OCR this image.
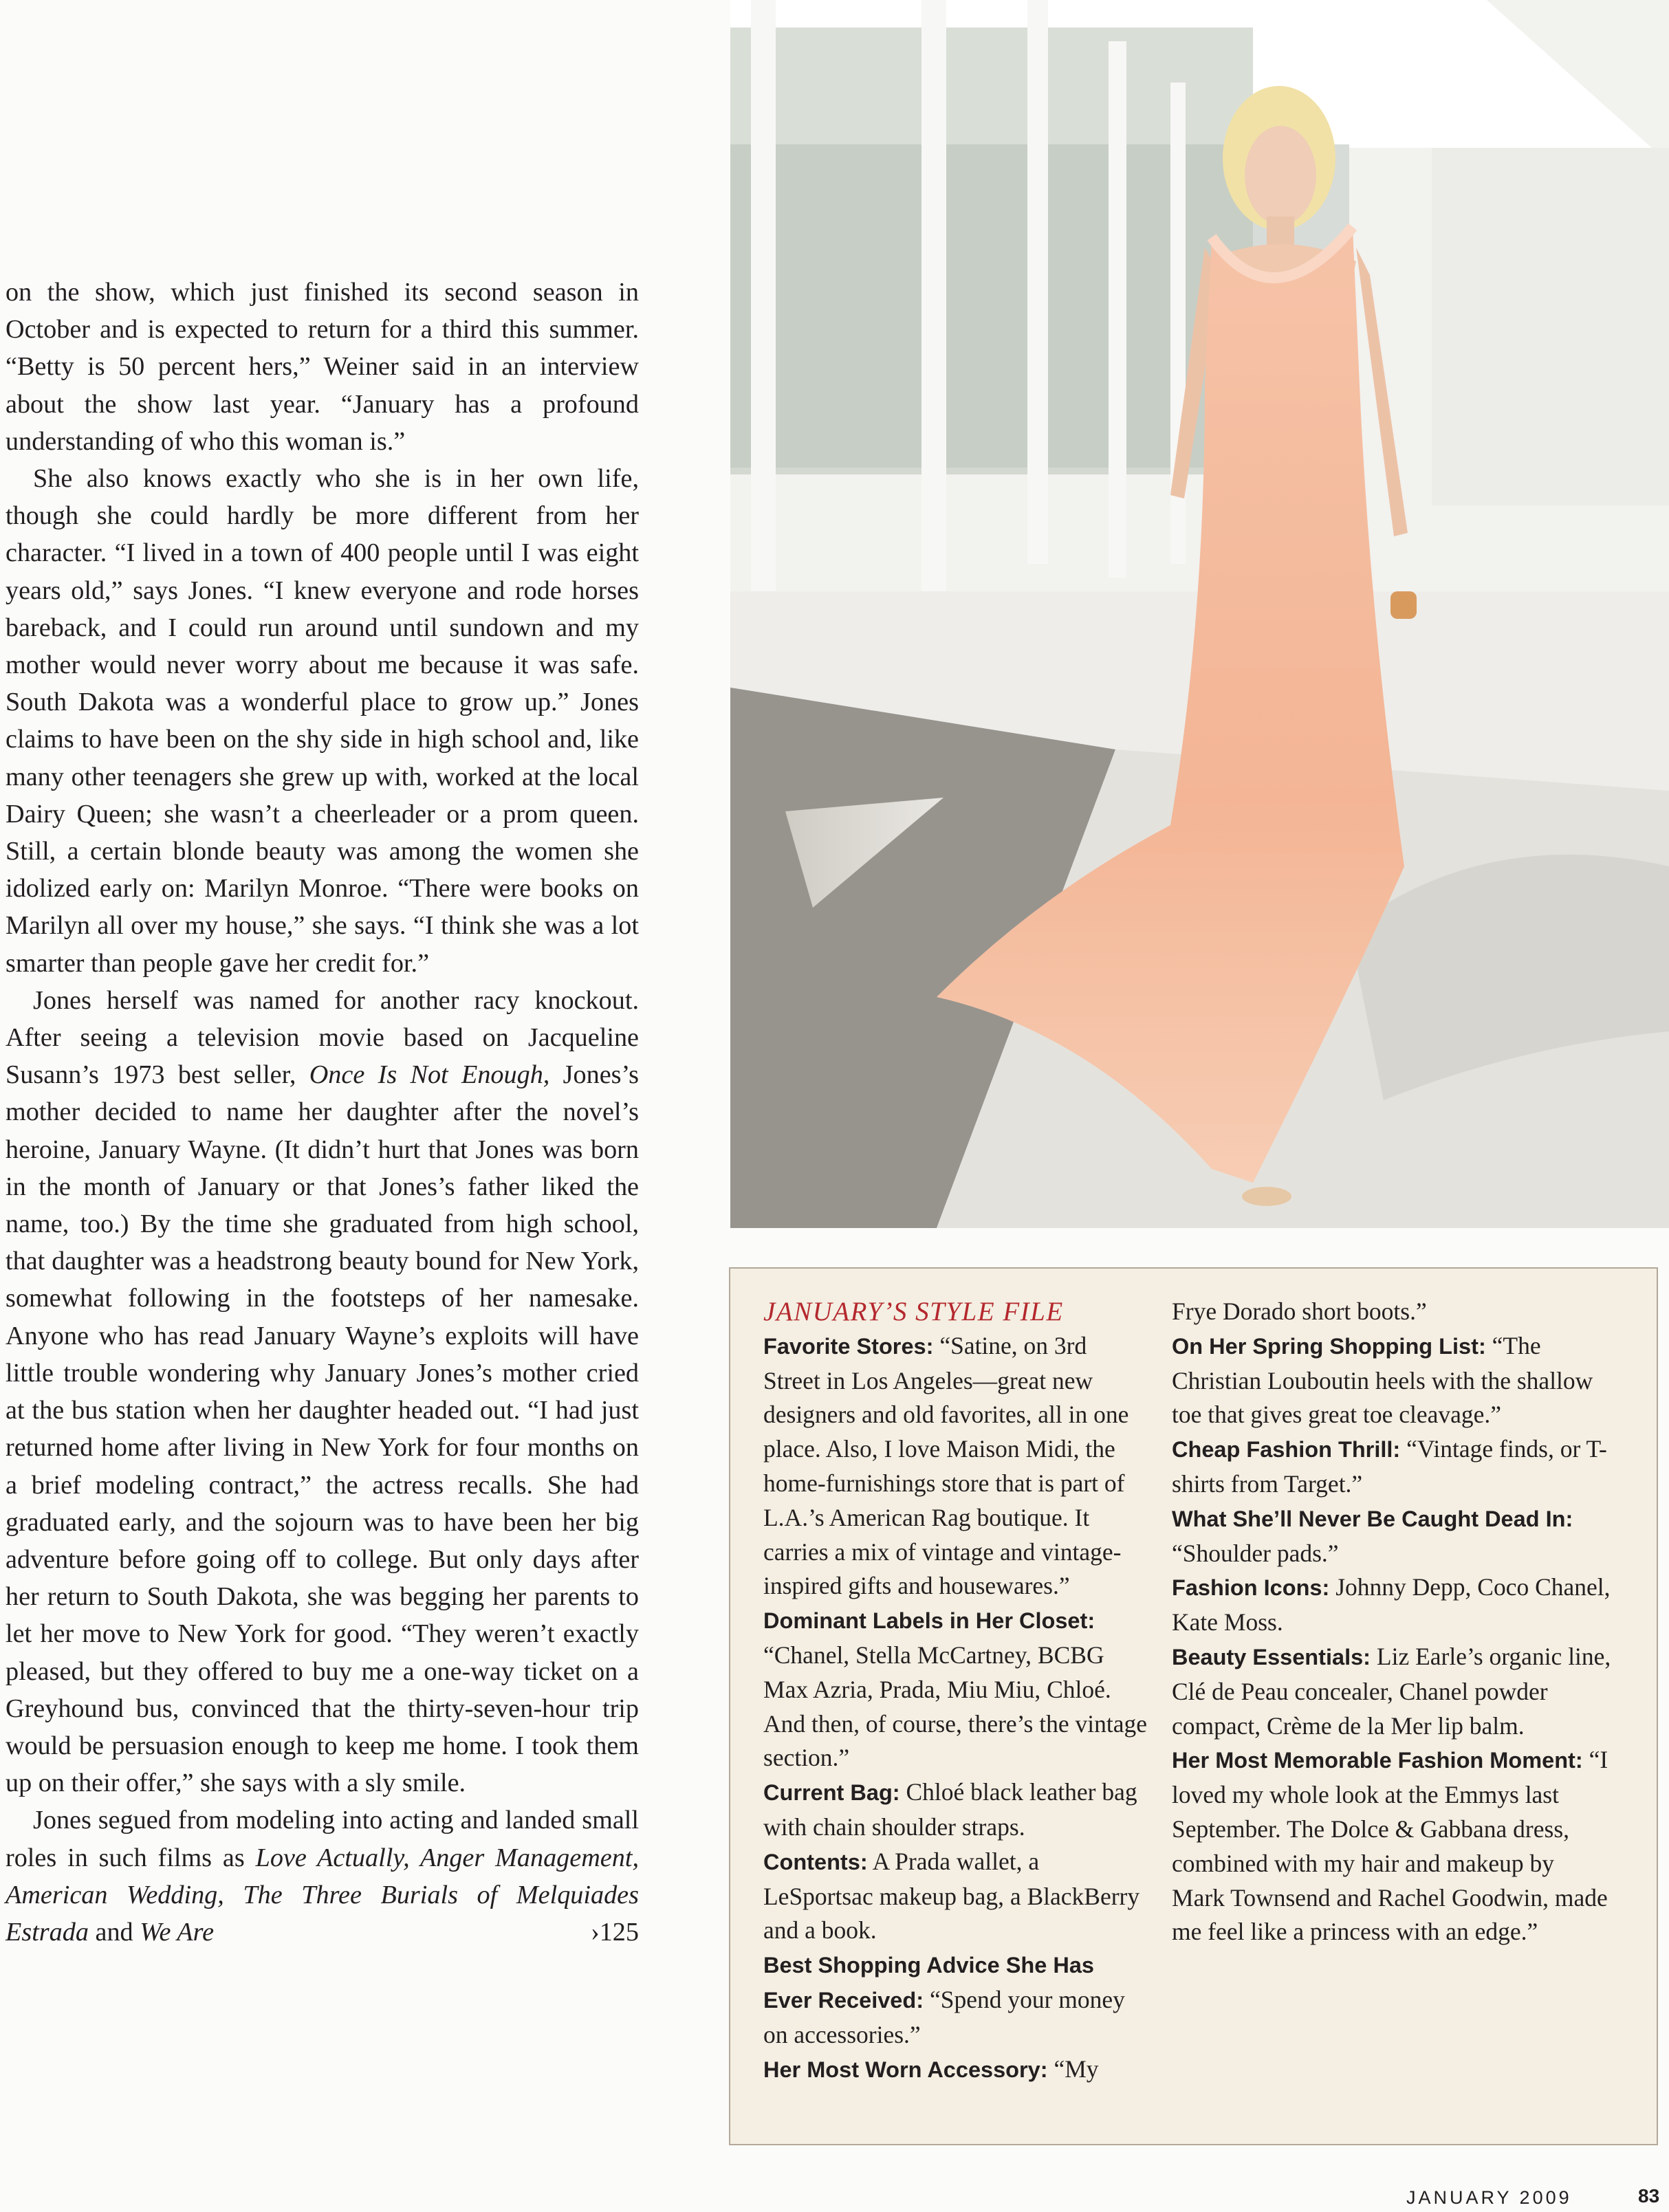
on the show, which just finished its second season in October and is expected to return for a third this summer. “Betty is 50 percent hers,” Weiner said in an interview about the show last year. “January has a profound understanding of who this woman is.”

She also knows exactly who she is in her own life, though she could hardly be more different from her character. “I lived in a town of 400 people until I was eight years old,” says Jones. “I knew everyone and rode horses bareback, and I could run around until sundown and my mother would never worry about me because it was safe. South Dakota was a wonderful place to grow up.” Jones claims to have been on the shy side in high school and, like many other teenagers she grew up with, worked at the local Dairy Queen; she wasn’t a cheerleader or a prom queen. Still, a certain blonde beauty was among the women she idolized early on: Marilyn Monroe. “There were books on Marilyn all over my house,” she says. “I think she was a lot smarter than people gave her credit for.”

Jones herself was named for another racy knockout. After seeing a television movie based on Jacqueline Susann’s 1973 best seller, Once Is Not Enough, Jones’s mother decided to name her daughter after the novel’s heroine, January Wayne. (It didn’t hurt that Jones was born in the month of January or that Jones’s father liked the name, too.) By the time she graduated from high school, that daughter was a headstrong beauty bound for New York, somewhat following in the footsteps of her namesake. Anyone who has read January Wayne’s exploits will have little trouble wondering why January Jones’s mother cried at the bus station when her daughter headed out. “I had just returned home after living in New York for four months on a brief modeling contract,” the actress recalls. She had graduated early, and the sojourn was to have been her big adventure before going off to college. But only days after her return to South Dakota, she was begging her parents to let her move to New York for good. “They weren’t exactly pleased, but they offered to buy me a one-way ticket on a Greyhound bus, convinced that the thirty-seven-hour trip would be persuasion enough to keep me home. I took them up on their offer,” she says with a sly smile.

Jones segued from modeling into acting and landed small roles in such films as Love Actually, Anger Management, American Wedding, The Three Burials of Melquiades Estrada and We Are	›125

JANUARY’S STYLE FILE

Favorite Stores: “Satine, on 3rd Street in Los Angeles—great new designers and old favorites, all in one place. Also, I love Maison Midi, the home-furnishings store that is part of L.A.’s American Rag boutique. It carries a mix of vintage and vintage-inspired gifts and housewares.”

Dominant Labels in Her Closet: “Chanel, Stella McCartney, BCBG Max Azria, Prada, Miu Miu, Chloé. And then, of course, there’s the vintage section.”

Current Bag: Chloé black leather bag with chain shoulder straps.

Contents: A Prada wallet, a LeSportsac makeup bag, a BlackBerry and a book.

Best Shopping Advice She Has Ever Received: “Spend your money on accessories.”

Her Most Worn Accessory: “My

Frye Dorado short boots.”

On Her Spring Shopping List: “The Christian Louboutin heels with the shallow toe that gives great toe cleavage.”

Cheap Fashion Thrill: “Vintage finds, or T-shirts from Target.”

What She’ll Never Be Caught Dead In: “Shoulder pads.”

Fashion Icons: Johnny Depp, Coco Chanel, Kate Moss.

Beauty Essentials: Liz Earle’s organic line, Clé de Peau concealer, Chanel powder compact, Crème de la Mer lip balm.

Her Most Memorable Fashion Moment: “I loved my whole look at the Emmys last September. The Dolce & Gabbana dress, combined with my hair and makeup by Mark Townsend and Rachel Goodwin, made me feel like a princess with an edge.”

JANUARY 2009	83
